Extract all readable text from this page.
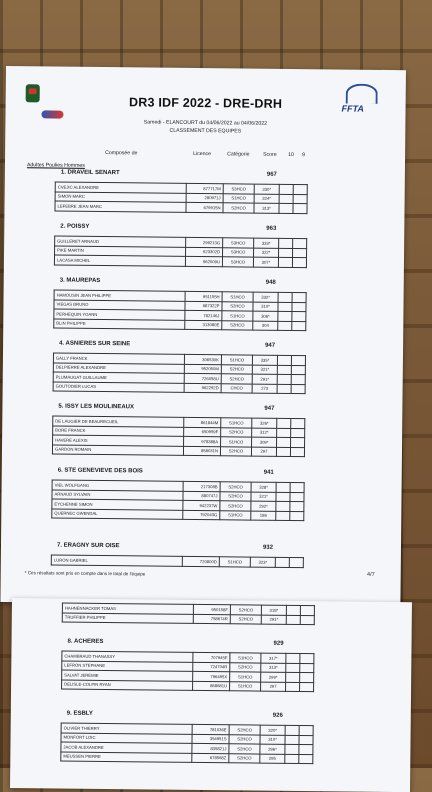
FFTA
DR3 IDF 2022 - DRE-DRH
Samedi - ELANCOURT du 04/06/2022 au 04/06/2022
CLASSEMENT DES EQUIPES
Composée de	Licence	Catégorie	Score 10 9
Adultes Poulies Hommes
1. DRAVEIL SENART	967
CVEJIC ALEXANDRE	877717M	S3HCO	330*		
SIMON MARC	280971J	S1HCO	324*		
LEFEBRE JEAN MARC	679915N	S2HCO	313*		
2. POISSY	963
GUILLERET ARNAUD	299213G	S3HCO	333*		
PIKE MARTIN	923302D	S3HCO	322*		
LACASA MICHEL	962009U	S3HCO	307*		
3. MAUREPAS	948
HAMOUSIN JEAN PHILIPPE	951155H	S1HCO	332*		
VIEGAS BRUNO	687322P	S2HCO	310*		
PERHEQUIN YOANN	782146J	S1HCO	306*		
BLIN PHILIPPE	313080E	S2HCO	304		
4. ASNIERES SUR SEINE	947
GALLY FRANCK	306530K	S1HCO	335*		
DELPIERRE ALEXANDRE	952050M	S2HCO	321*		
PLUMAUGAT GUILLAUME	726058U	S2HCO	291*		
GOUTODIER LUCAS	962292D	CHCO	273		
5. ISSY LES MOULINEAUX	947
DE LAUGIER DE BEAURECUEIL	861844M	S1HCO	326*		
BORE FRANCK	650959F	S2HCO	312*		
HAVERE ALEXIS	978388A	S1HCO	309*		
GARDON ROMAIN	858031N	S2HCO	297		
6. STE GENEVIEVE DES BOIS	941
VIEL WOLFGANG	217308B	S2HCO	328*		
ARNAUD SYLVAIN	880747J	S2HCO	321*		
EYCHENNE SIMON	942237W	S2HCO	292*		
QUERNEC GWENDAL	792043G	S1HCO	186		
7. ERAGNY SUR OISE	932
LURON GABRIEL	720800D	S1HCO	323*		
* Ces résultats sont pris en compte dans le total de l'équipe	4/7
HAHNENNACKER TOMAS	950158F	S2HCO	318*		
TRUFFIER PHILIPPE	758674R	S2HCO	291*		
8. ACHERES	929
CHAMBRAUD THANASSY	707945F	S1HCO	317*		
LEFRON STEPHANE	724704R	S2HCO	313*		
SALVAT JEREMIE	796495X	S1HCO	299*		
DELISLE-COLPIN RYAN	868681U	S1HCO	297		
9. ESBLY	926
OLIVIER THIERRY	781036E	S2HCO	320*		
MONFORT LOIC	354951S	S2HCO	310*		
JACOB ALEXANDRE	835821J	S2HCO	296*		
MEUSSEN PIERRE	678568Z	S2HCO	295		
